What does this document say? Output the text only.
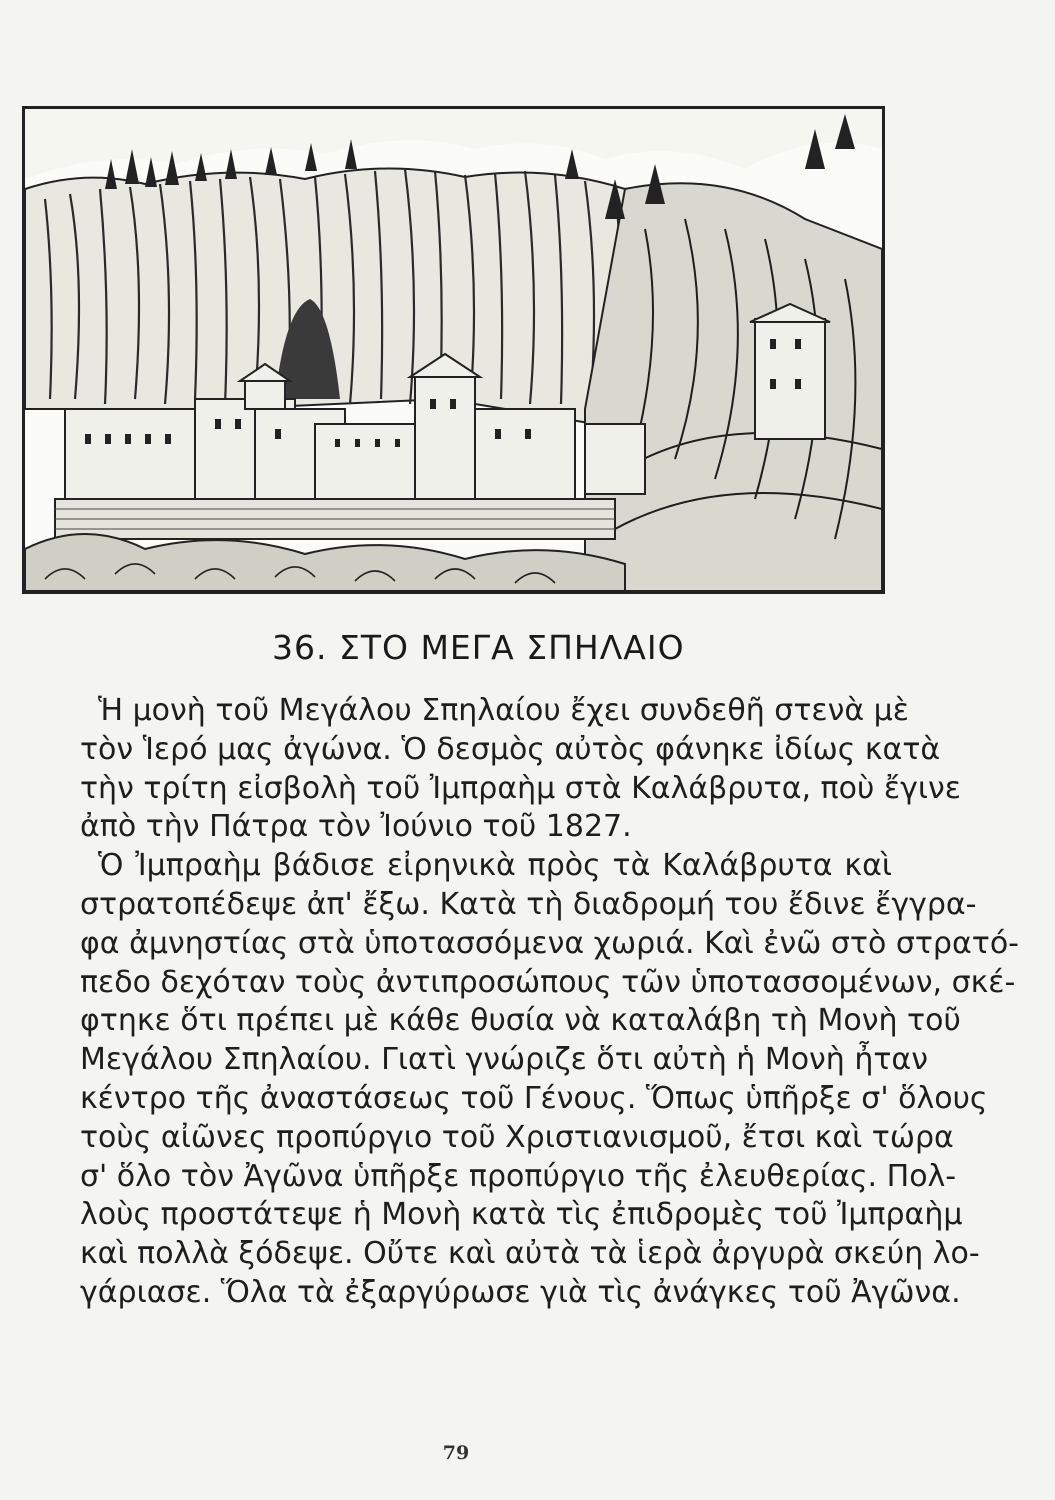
36. ΣΤΟ ΜΕΓΑ ΣΠΗΛΑΙΟ
Ἡ μονὴ τοῦ Μεγάλου Σπηλαίου ἔχει συνδεθῆ στενὰ μὲ
τὸν Ἱερό μας ἀγώνα. Ὁ δεσμὸς αὐτὸς φάνηκε ἰδίως κατὰ
τὴν τρίτη εἰσβολὴ τοῦ Ἰμπραὴμ στὰ Καλάβρυτα, ποὺ ἔγινε
ἀπὸ τὴν Πάτρα τὸν Ἰούνιο τοῦ 1827.
Ὁ Ἰμπραὴμ βάδισε εἰρηνικὰ πρὸς τὰ Καλάβρυτα καὶ
στρατοπέδεψε ἀπ' ἔξω. Κατὰ τὴ διαδρομή του ἔδινε ἔγγρα-
φα ἀμνηστίας στὰ ὑποτασσόμενα χωριά. Καὶ ἐνῶ στὸ στρατό-
πεδο δεχόταν τοὺς ἀντιπροσώπους τῶν ὑποτασσομένων, σκέ-
φτηκε ὅτι πρέπει μὲ κάθε θυσία νὰ καταλάβη τὴ Μονὴ τοῦ
Μεγάλου Σπηλαίου. Γιατὶ γνώριζε ὅτι αὐτὴ ἡ Μονὴ ἦταν
κέντρο τῆς ἀναστάσεως τοῦ Γένους. Ὅπως ὑπῆρξε σ' ὅλους
τοὺς αἰῶνες προπύργιο τοῦ Χριστιανισμοῦ, ἔτσι καὶ τώρα
σ' ὅλο τὸν Ἀγῶνα ὑπῆρξε προπύργιο τῆς ἐλευθερίας. Πολ-
λοὺς προστάτεψε ἡ Μονὴ κατὰ τὶς ἐπιδρομὲς τοῦ Ἰμπραὴμ
καὶ πολλὰ ξόδεψε. Οὔτε καὶ αὐτὰ τὰ ἱερὰ ἀργυρὰ σκεύη λο-
γάριασε. Ὅλα τὰ ἐξαργύρωσε γιὰ τὶς ἀνάγκες τοῦ Ἀγῶνα.
79
